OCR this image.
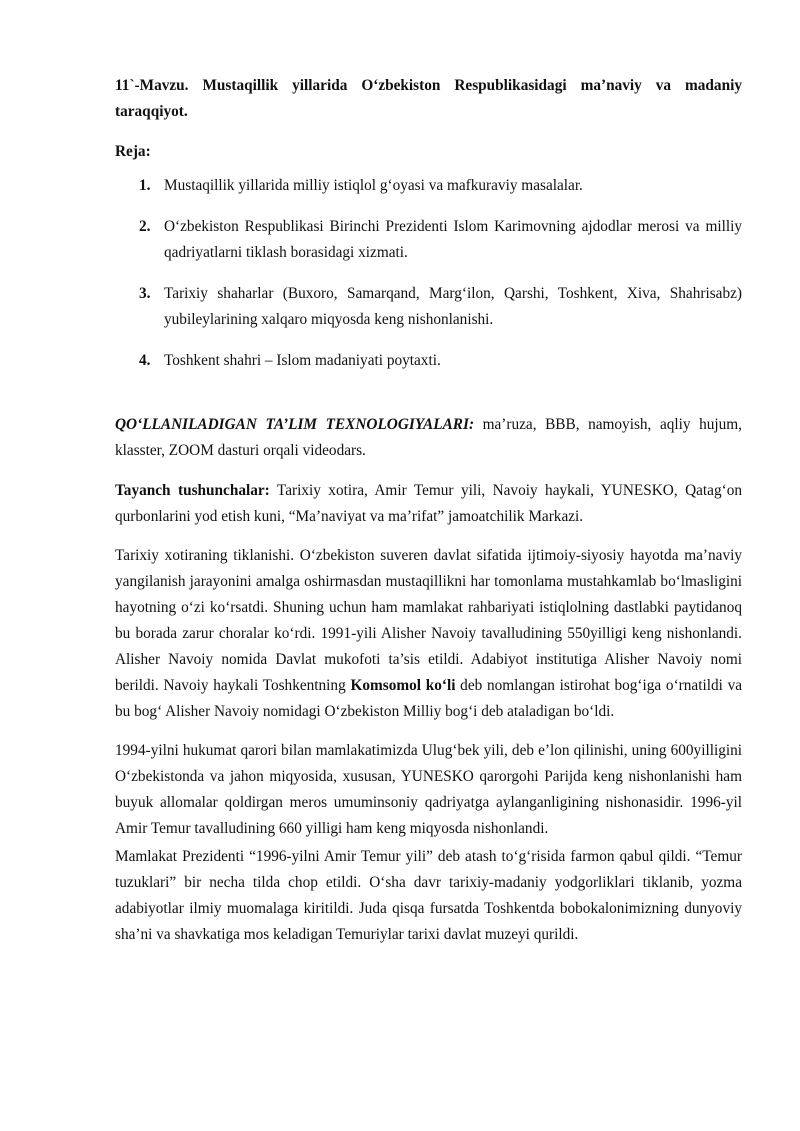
11`-Mavzu. Mustaqillik yillarida O‘zbekiston Respublikasidagi ma’naviy va madaniy taraqqiyot.

Reja:

1. Mustaqillik yillarida milliy istiqlol g‘oyasi va mafkuraviy masalalar.
2. O‘zbekiston Respublikasi Birinchi Prezidenti Islom Karimovning ajdodlar merosi va milliy qadriyatlarni tiklash borasidagi xizmati.
3. Tarixiy shaharlar (Buxoro, Samarqand, Marg‘ilon, Qarshi, Toshkent, Xiva, Shahrisabz) yubileylarining xalqaro miqyosda keng nishonlanishi.
4. Toshkent shahri – Islom madaniyati poytaxti.

QO‘LLANILADIGAN TA’LIM TEXNOLOGIYALARI: ma’ruza, BBB, namoyish, aqliy hujum, klasster, ZOOM dasturi orqali videodars.

Tayanch tushunchalar: Tarixiy xotira, Amir Temur yili, Navoiy haykali, YUNESKO, Qatag‘on qurbonlarini yod etish kuni, “Ma’naviyat va ma’rifat” jamoatchilik Markazi.

Tarixiy xotiraning tiklanishi. O‘zbekiston suveren davlat sifatida ijtimoiy-siyosiy hayotda ma’naviy yangilanish jarayonini amalga oshirmasdan mustaqillikni har tomonlama mustahkamlab bo‘lmasligini hayotning o‘zi ko‘rsatdi. Shuning uchun ham mamlakat rahbariyati istiqlolning dastlabki paytidanoq bu borada zarur choralar ko‘rdi. 1991-yili Alisher Navoiy tavalludining 550yilligi keng nishonlandi. Alisher Navoiy nomida Davlat mukofoti ta’sis etildi. Adabiyot institutiga Alisher Navoiy nomi berildi. Navoiy haykali Toshkentning Komsomol ko‘li deb nomlangan istirohat bog‘iga o‘rnatildi va bu bog‘ Alisher Navoiy nomidagi O‘zbekiston Milliy bog‘i deb ataladigan bo‘ldi.

1994-yilni hukumat qarori bilan mamlakatimizda Ulug‘bek yili, deb e’lon qilinishi, uning 600yilligini O‘zbekistonda va jahon miqyosida, xususan, YUNESKO qarorgohi Parijda keng nishonlanishi ham buyuk allomalar qoldirgan meros umuminsoniy qadriyatga aylanganligining nishonasidir. 1996-yil Amir Temur tavalludining 660 yilligi ham keng miqyosda nishonlandi.

Mamlakat Prezidenti “1996-yilni Amir Temur yili” deb atash to‘g‘risida farmon qabul qildi. “Temur tuzuklari” bir necha tilda chop etildi. O‘sha davr tarixiy-madaniy yodgorliklari tiklanib, yozma adabiyotlar ilmiy muomalaga kiritildi. Juda qisqa fursatda Toshkentda bobokalonimizning dunyoviy sha’ni va shavkatiga mos keladigan Temuriylar tarixi davlat muzeyi qurildi.
